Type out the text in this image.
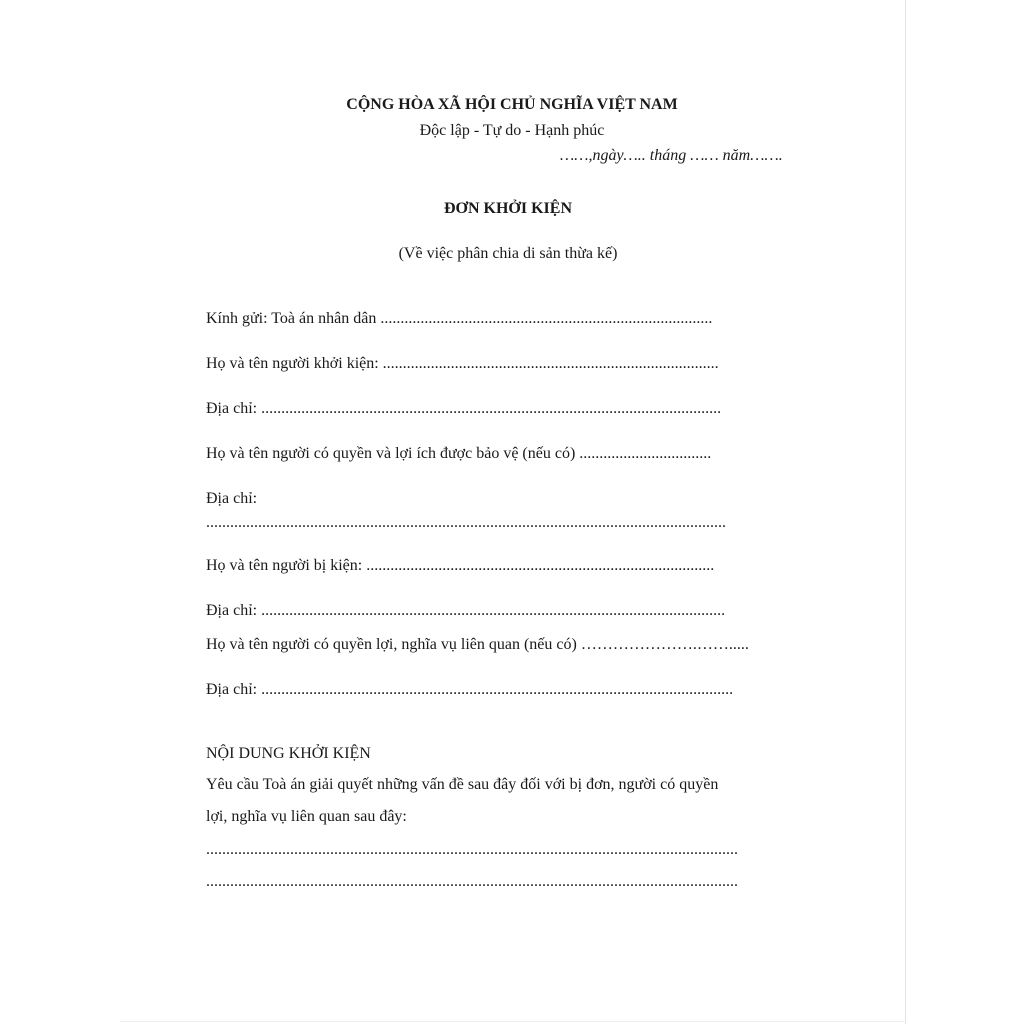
CỘNG HÒA XÃ HỘI CHỦ NGHĨA VIỆT NAM
Độc lập - Tự do - Hạnh phúc
……,ngày….. tháng …… năm…….
ĐƠN KHỞI KIỆN
(Về việc phân chia di sản thừa kế)
Kính gửi: Toà án nhân dân ...................................................................................
Họ và tên người khởi kiện: ....................................................................................
Địa chỉ: ...................................................................................................................
Họ và tên người có quyền và lợi ích được bảo vệ (nếu có) .................................
Địa chỉ:
..................................................................................................................................
Họ và tên người bị kiện: .......................................................................................
Địa chỉ: ....................................................................................................................
Họ và tên người có quyền lợi, nghĩa vụ liên quan (nếu có) ………………….…….....
Địa chỉ: ......................................................................................................................
NỘI DUNG KHỞI KIỆN
Yêu cầu Toà án giải quyết những vấn đề sau đây đối với bị đơn, người có quyền
lợi, nghĩa vụ liên quan sau đây:
.....................................................................................................................................
.....................................................................................................................................
